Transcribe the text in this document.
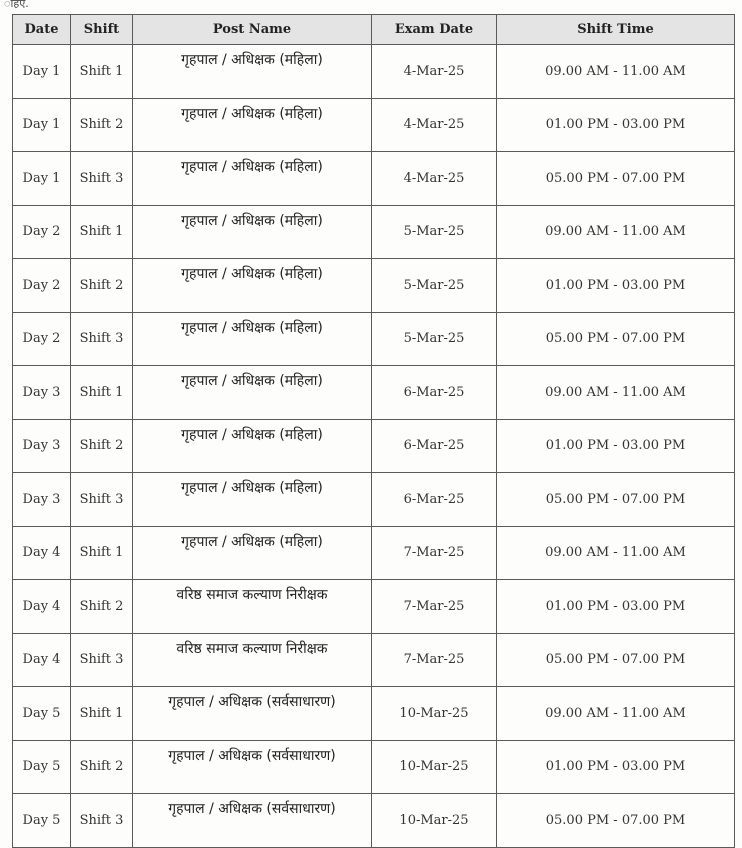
ाहए.
Date	Shift	Post Name	Exam Date	Shift Time
Day 1	Shift 1	गृहपाल / अधिक्षक (महिला)	4-Mar-25	09.00 AM - 11.00 AM
Day 1	Shift 2	गृहपाल / अधिक्षक (महिला)	4-Mar-25	01.00 PM - 03.00 PM
Day 1	Shift 3	गृहपाल / अधिक्षक (महिला)	4-Mar-25	05.00 PM - 07.00 PM
Day 2	Shift 1	गृहपाल / अधिक्षक (महिला)	5-Mar-25	09.00 AM - 11.00 AM
Day 2	Shift 2	गृहपाल / अधिक्षक (महिला)	5-Mar-25	01.00 PM - 03.00 PM
Day 2	Shift 3	गृहपाल / अधिक्षक (महिला)	5-Mar-25	05.00 PM - 07.00 PM
Day 3	Shift 1	गृहपाल / अधिक्षक (महिला)	6-Mar-25	09.00 AM - 11.00 AM
Day 3	Shift 2	गृहपाल / अधिक्षक (महिला)	6-Mar-25	01.00 PM - 03.00 PM
Day 3	Shift 3	गृहपाल / अधिक्षक (महिला)	6-Mar-25	05.00 PM - 07.00 PM
Day 4	Shift 1	गृहपाल / अधिक्षक (महिला)	7-Mar-25	09.00 AM - 11.00 AM
Day 4	Shift 2	वरिष्ठ समाज कल्याण निरीक्षक	7-Mar-25	01.00 PM - 03.00 PM
Day 4	Shift 3	वरिष्ठ समाज कल्याण निरीक्षक	7-Mar-25	05.00 PM - 07.00 PM
Day 5	Shift 1	गृहपाल / अधिक्षक (सर्वसाधारण)	10-Mar-25	09.00 AM - 11.00 AM
Day 5	Shift 2	गृहपाल / अधिक्षक (सर्वसाधारण)	10-Mar-25	01.00 PM - 03.00 PM
Day 5	Shift 3	गृहपाल / अधिक्षक (सर्वसाधारण)	10-Mar-25	05.00 PM - 07.00 PM
